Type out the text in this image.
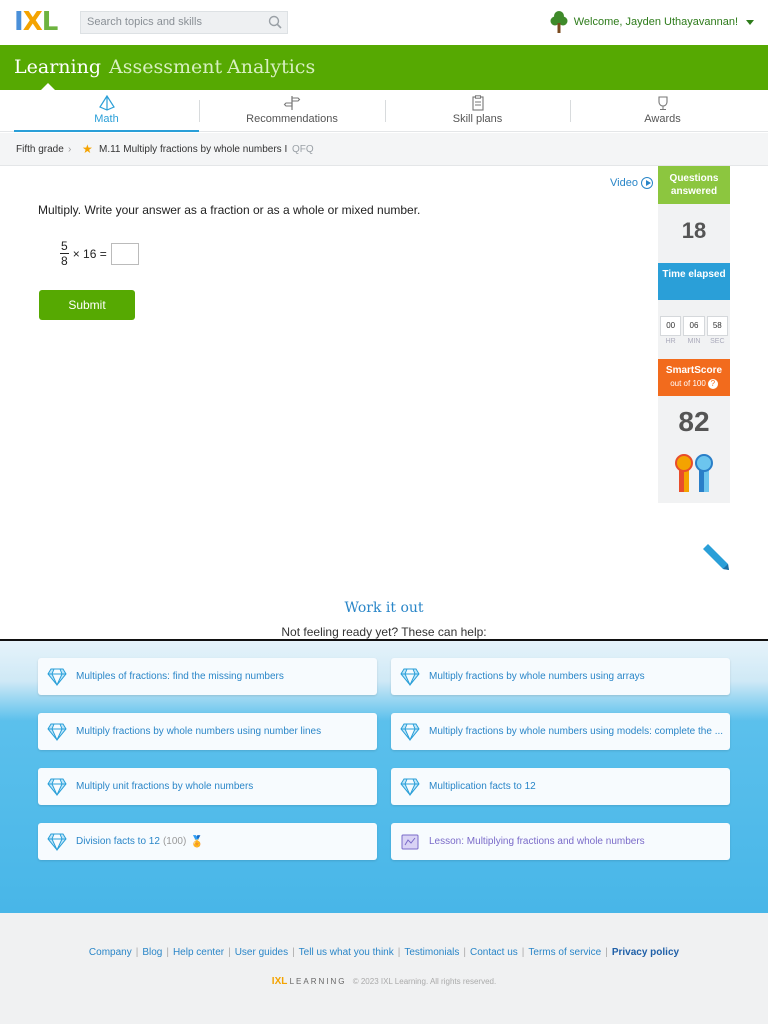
I X L	Search topics and skills	Welcome, Jayden Uthayavannan!
Learning Assessment Analytics
Math	Recommendations	Skill plans	Awards
Fifth grade › ★ M.11 Multiply fractions by whole numbers I QFQ
Video
Multiply. Write your answer as a fraction or as a whole or mixed number.
$\frac{5}{8} \times 16$ =
Submit
Questions answered
18
Time elapsed
00
HR
06
MIN
58
SEC
SmartScore
out of 100 ?
82
Work it out
Not feeling ready yet? These can help:
Multiples of fractions: find the missing numbers	Multiply fractions by whole numbers using arrays
Multiply fractions by whole numbers using number lines	Multiply fractions by whole numbers using models: complete the ...
Multiply unit fractions by whole numbers	Multiplication facts to 12
Division facts to 12 (100) 🏅	Lesson: Multiplying fractions and whole numbers
Company | Blog | Help center | User guides | Tell us what you think | Testimonials | Contact us | Terms of service | Privacy policy
IXL LEARNING © 2023 IXL Learning. All rights reserved.
